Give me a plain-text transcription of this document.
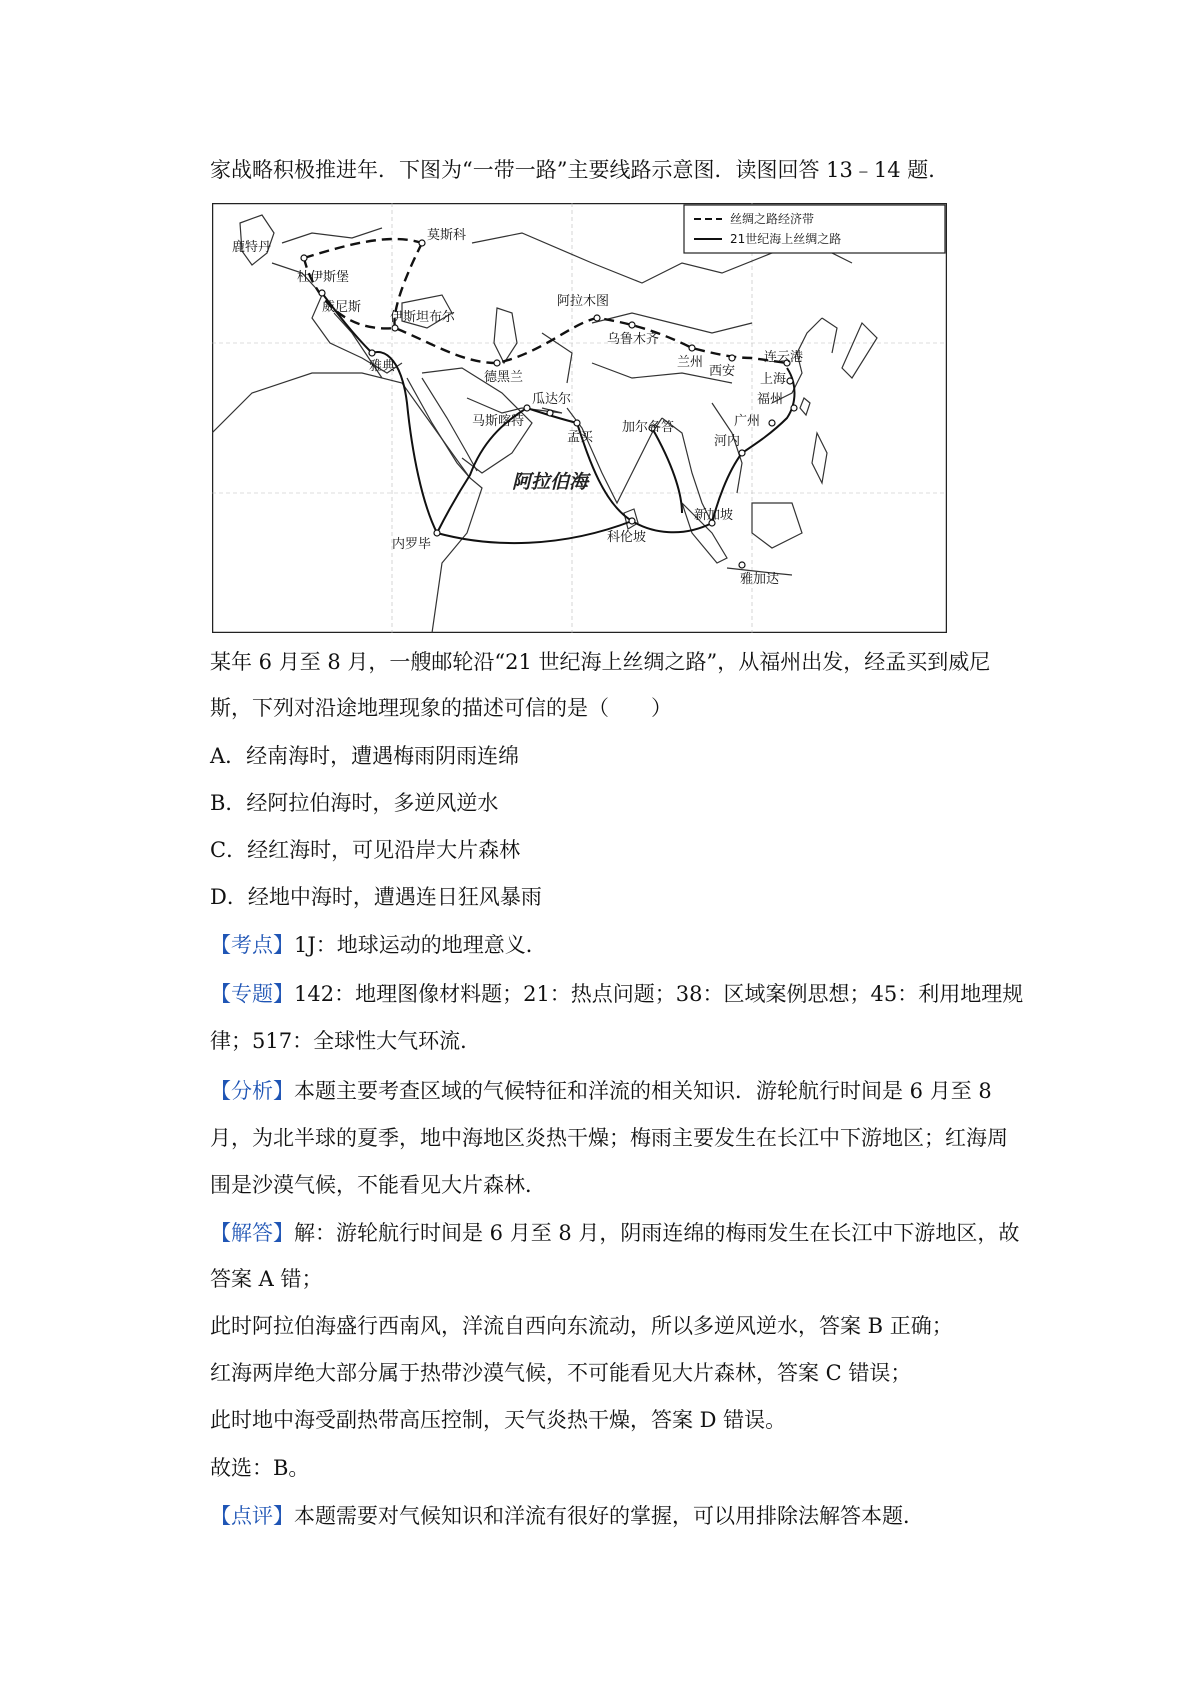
家战略积极推进年．下图为“一带一路”主要线路示意图．读图回答 13﹣14 题．
丝绸之路经济带
21世纪海上丝绸之路
阿拉伯海
鹿特丹
莫斯科
杜伊斯堡
威尼斯
伊斯坦布尔
雅典
德黑兰
阿拉木图
乌鲁木齐
兰州
西安
连云港
上海
福州
广州
河内
瓜达尔
马斯喀特
孟买
加尔各答
科伦坡
新加坡
雅加达
内罗毕
某年 6 月至 8 月，一艘邮轮沿“21 世纪海上丝绸之路”，从福州出发，经孟买到威尼
斯，下列对沿途地理现象的描述可信的是（　　）
A．经南海时，遭遇梅雨阴雨连绵
B．经阿拉伯海时，多逆风逆水
C．经红海时，可见沿岸大片森林
D．经地中海时，遭遇连日狂风暴雨
【考点】1J：地球运动的地理意义．
【专题】142：地理图像材料题；21：热点问题；38：区域案例思想；45：利用地理规
律；517：全球性大气环流．
【分析】本题主要考查区域的气候特征和洋流的相关知识．游轮航行时间是 6 月至 8
月，为北半球的夏季，地中海地区炎热干燥；梅雨主要发生在长江中下游地区；红海周
围是沙漠气候，不能看见大片森林．
【解答】解：游轮航行时间是 6 月至 8 月，阴雨连绵的梅雨发生在长江中下游地区，故
答案 A 错；
此时阿拉伯海盛行西南风，洋流自西向东流动，所以多逆风逆水，答案 B 正确；
红海两岸绝大部分属于热带沙漠气候，不可能看见大片森林，答案 C 错误；
此时地中海受副热带高压控制，天气炎热干燥，答案 D 错误。
故选：B。
【点评】本题需要对气候知识和洋流有很好的掌握，可以用排除法解答本题．
